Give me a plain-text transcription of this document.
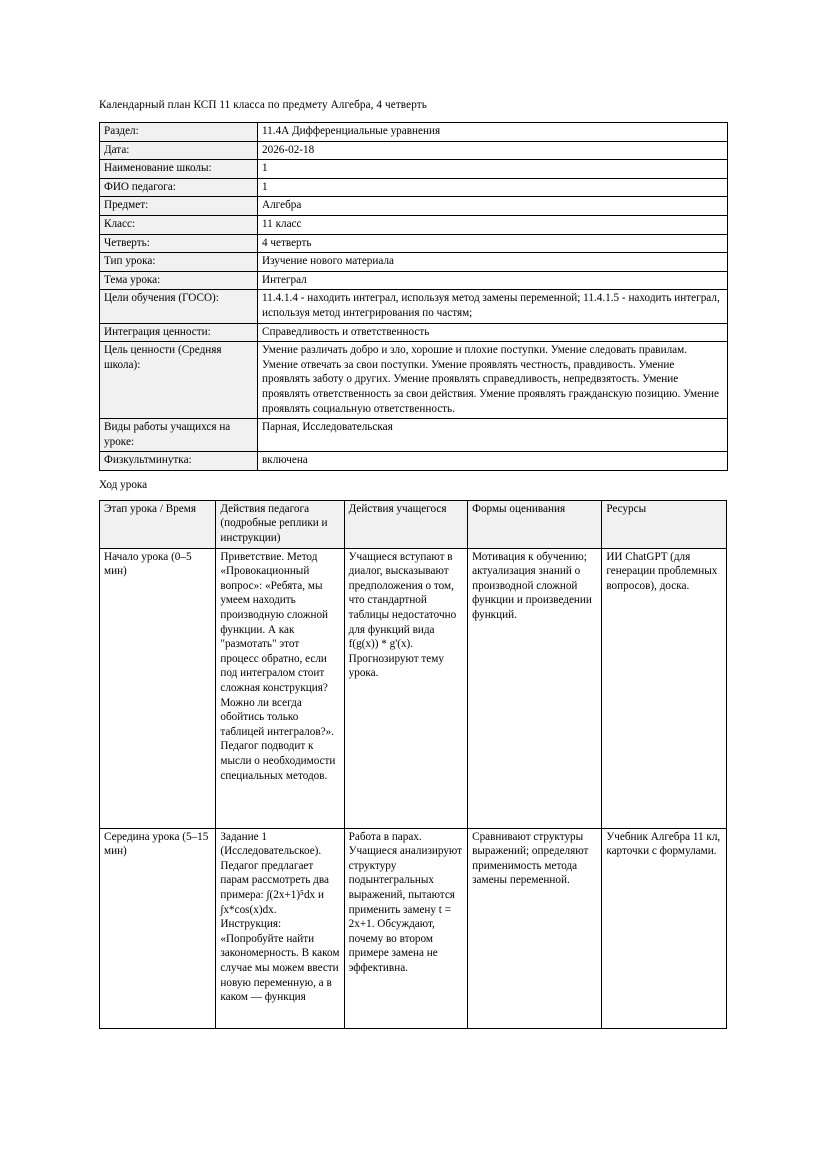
Календарный план КСП 11 класса по предмету Алгебра, 4 четверть

Раздел:	11.4А Дифференциальные уравнения
Дата:	2026-02-18
Наименование школы:	1
ФИО педагога:	1
Предмет:	Алгебра
Класс:	11 класс
Четверть:	4 четверть
Тип урока:	Изучение нового материала
Тема урока:	Интеграл
Цели обучения (ГОСО):	11.4.1.4 - находить интеграл, используя метод замены переменной; 11.4.1.5 - находить интеграл, используя метод интегрирования по частям;
Интеграция ценности:	Справедливость и ответственность
Цель ценности (Средняя школа):	Умение различать добро и зло, хорошие и плохие поступки. Умение следовать правилам. Умение отвечать за свои поступки. Умение проявлять честность, правдивость. Умение проявлять заботу о других. Умение проявлять справедливость, непредвзятость. Умение проявлять ответственность за свои действия. Умение проявлять гражданскую позицию. Умение проявлять социальную ответственность.
Виды работы учащихся на уроке:	Парная, Исследовательская
Физкультминутка:	включена

Ход урока

Этап урока / Время	Действия педагога (подробные реплики и инструкции)	Действия учащегося	Формы оценивания	Ресурсы
Начало урока (0–5 мин)	Приветствие. Метод «Провокационный вопрос»: «Ребята, мы умеем находить производную сложной функции. А как "размотать" этот процесс обратно, если под интегралом стоит сложная конструкция? Можно ли всегда обойтись только таблицей интегралов?». Педагог подводит к мысли о необходимости специальных методов.	Учащиеся вступают в диалог, высказывают предположения о том, что стандартной таблицы недостаточно для функций вида f(g(x)) * g'(x). Прогнозируют тему урока.	Мотивация к обучению; актуализация знаний о производной сложной функции и произведении функций.	ИИ ChatGPT (для генерации проблемных вопросов), доска.
Середина урока (5–15 мин)	Задание 1 (Исследовательское). Педагог предлагает парам рассмотреть два примера: ∫(2x+1)⁵dx и ∫x*cos(x)dx. Инструкция: «Попробуйте найти закономерность. В каком случае мы можем ввести новую переменную, а в каком — функция	Работа в парах. Учащиеся анализируют структуру подынтегральных выражений, пытаются применить замену t = 2x+1. Обсуждают, почему во втором примере замена не эффективна.	Сравнивают структуры выражений; определяют применимость метода замены переменной.	Учебник Алгебра 11 кл, карточки с формулами.
